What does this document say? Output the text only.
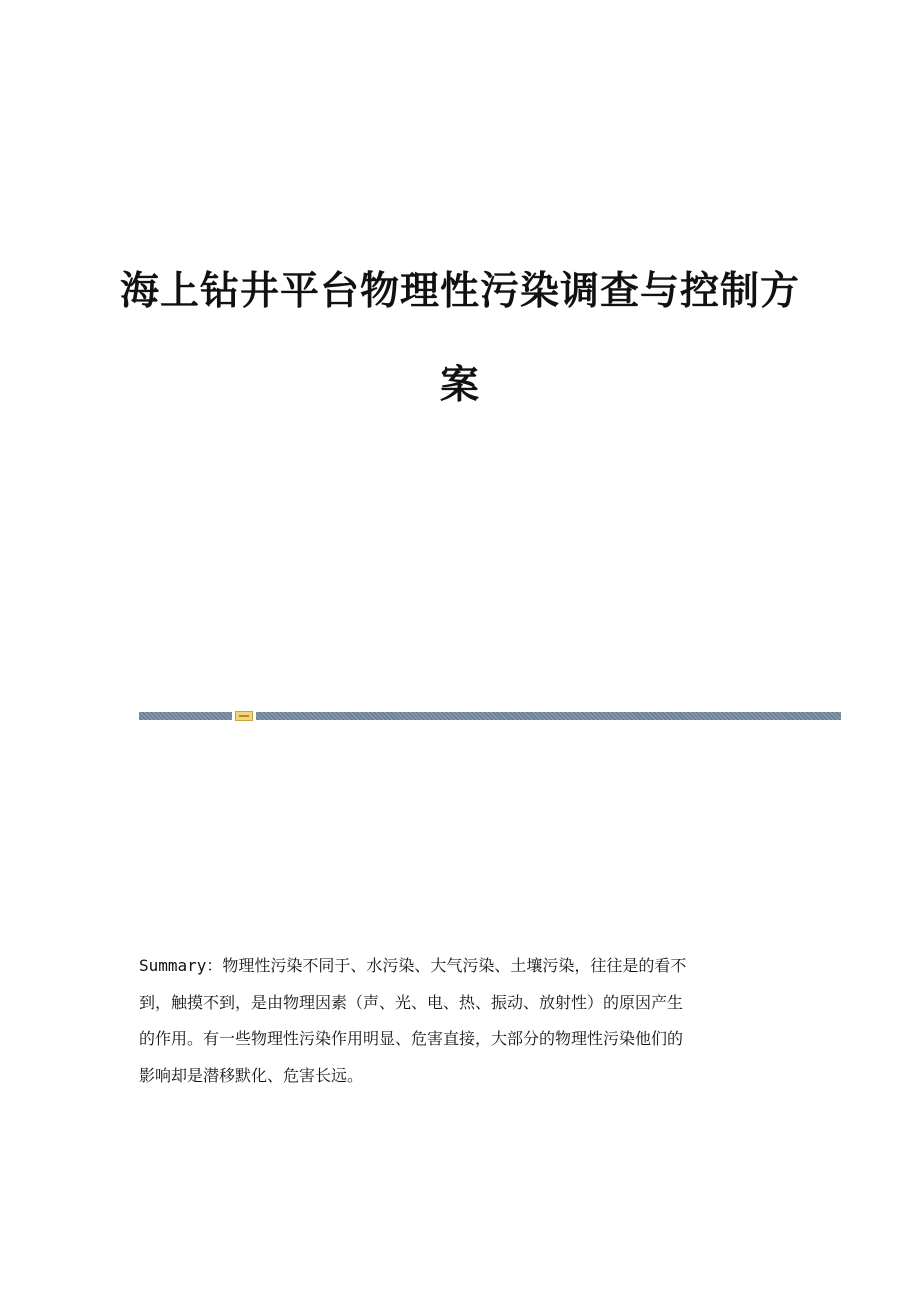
海上钻井平台物理性污染调查与控制方
案

Summary：物理性污染不同于、水污染、大气污染、土壤污染，往往是的看不
到，触摸不到，是由物理因素（声、光、电、热、振动、放射性）的原因产生
的作用。有一些物理性污染作用明显、危害直接，大部分的物理性污染他们的
影响却是潜移默化、危害长远。
